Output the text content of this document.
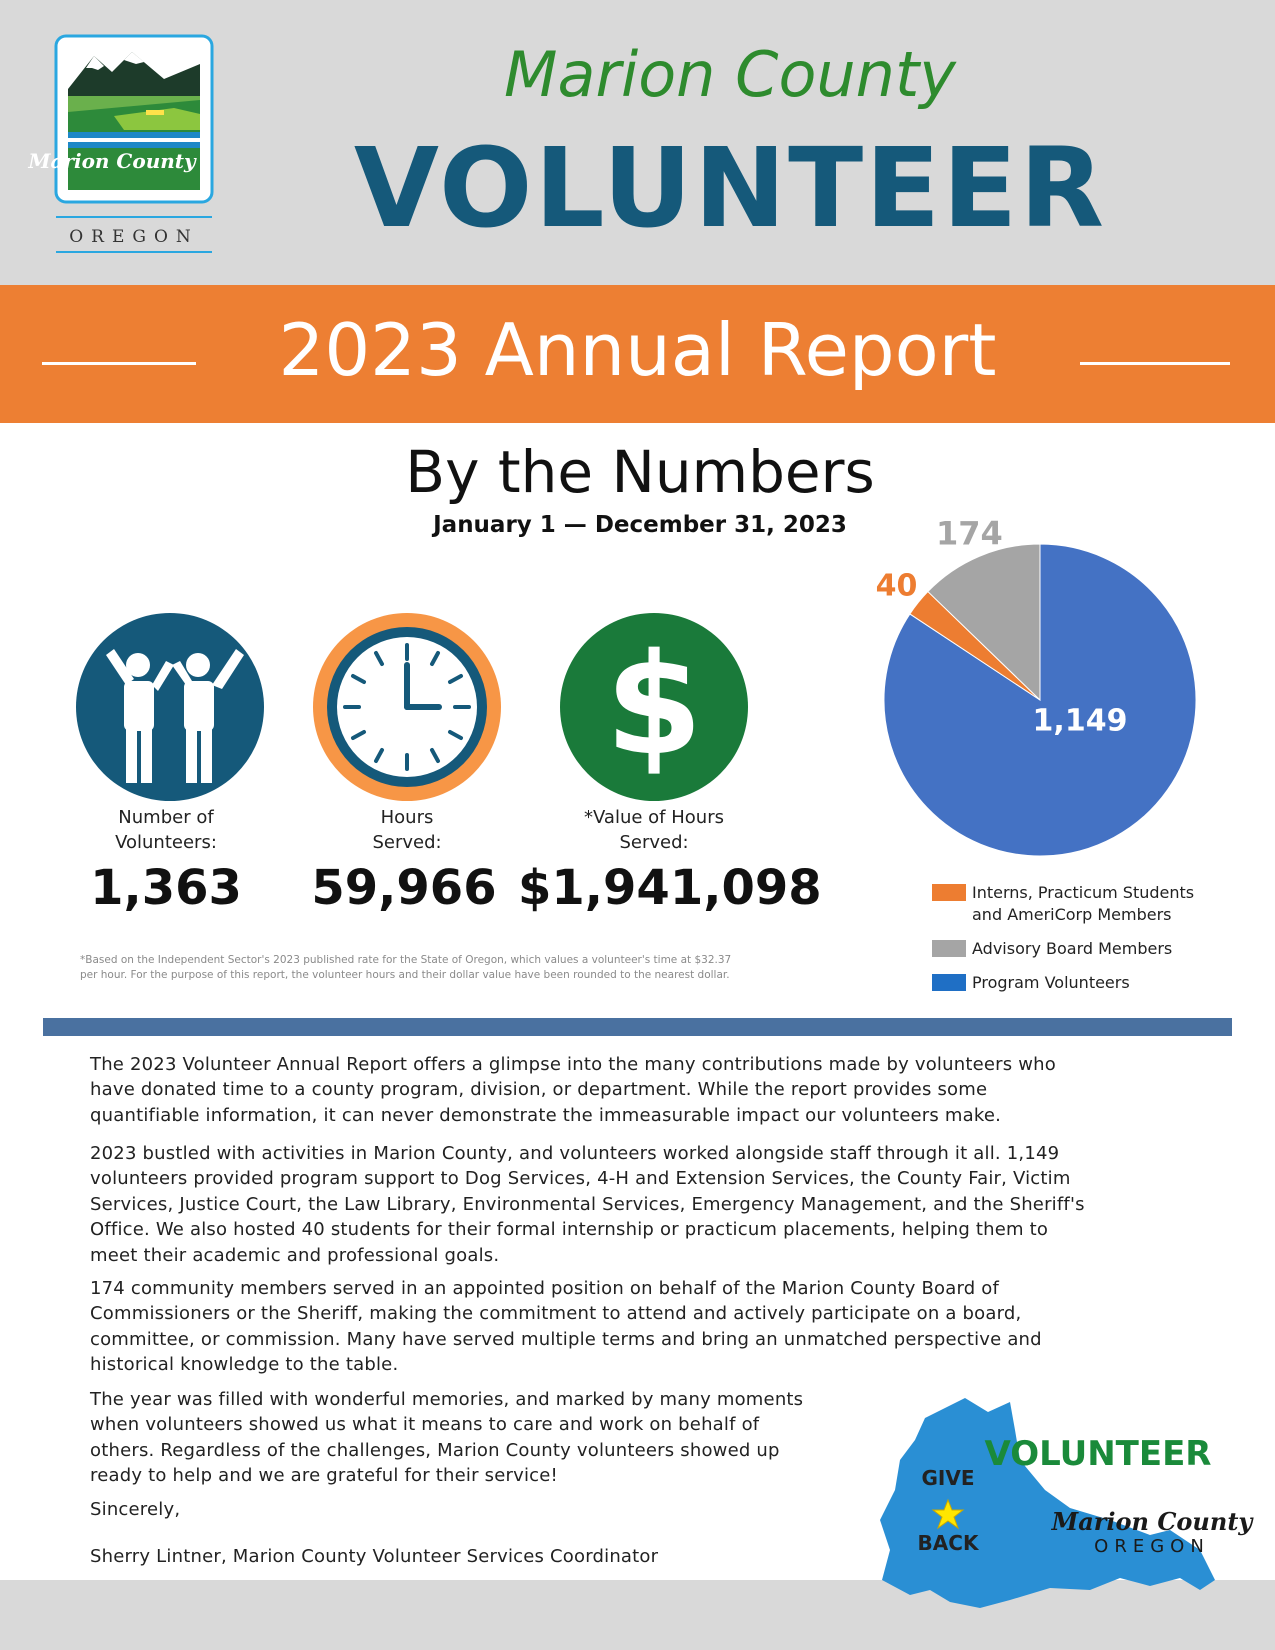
Marion County
OREGON
Marion County
VOLUNTEER
2023 Annual Report
By the Numbers
January 1 — December 31, 2023
Number of
Volunteers:
1,363
Hours
Served:
59,966
$
*Value of Hours
Served:
$1,941,098
*Based on the Independent Sector's 2023 published rate for the State of Oregon, which values a volunteer's time at $32.37
per hour. For the purpose of this report, the volunteer hours and their dollar value have been rounded to the nearest dollar.
1,149
40
174
Interns, Practicum Students
and AmeriCorp Members
Advisory Board Members
Program Volunteers
The 2023 Volunteer Annual Report offers a glimpse into the many contributions made by volunteers who
have donated time to a county program, division, or department. While the report provides some
quantifiable information, it can never demonstrate the immeasurable impact our volunteers make.
2023 bustled with activities in Marion County, and volunteers worked alongside staff through it all. 1,149
volunteers provided program support to Dog Services, 4-H and Extension Services, the County Fair, Victim
Services, Justice Court, the Law Library, Environmental Services, Emergency Management, and the Sheriff's
Office. We also hosted 40 students for their formal internship or practicum placements, helping them to
meet their academic and professional goals.
174 community members served in an appointed position on behalf of the Marion County Board of
Commissioners or the Sheriff, making the commitment to attend and actively participate on a board,
committee, or commission. Many have served multiple terms and bring an unmatched perspective and
historical knowledge to the table.
The year was filled with wonderful memories, and marked by many moments
when volunteers showed us what it means to care and work on behalf of
others. Regardless of the challenges, Marion County volunteers showed up
ready to help and we are grateful for their service!
Sincerely,
Sherry Lintner, Marion County Volunteer Services Coordinator
GIVE
BACK
VOLUNTEER
Marion County
OREGON
